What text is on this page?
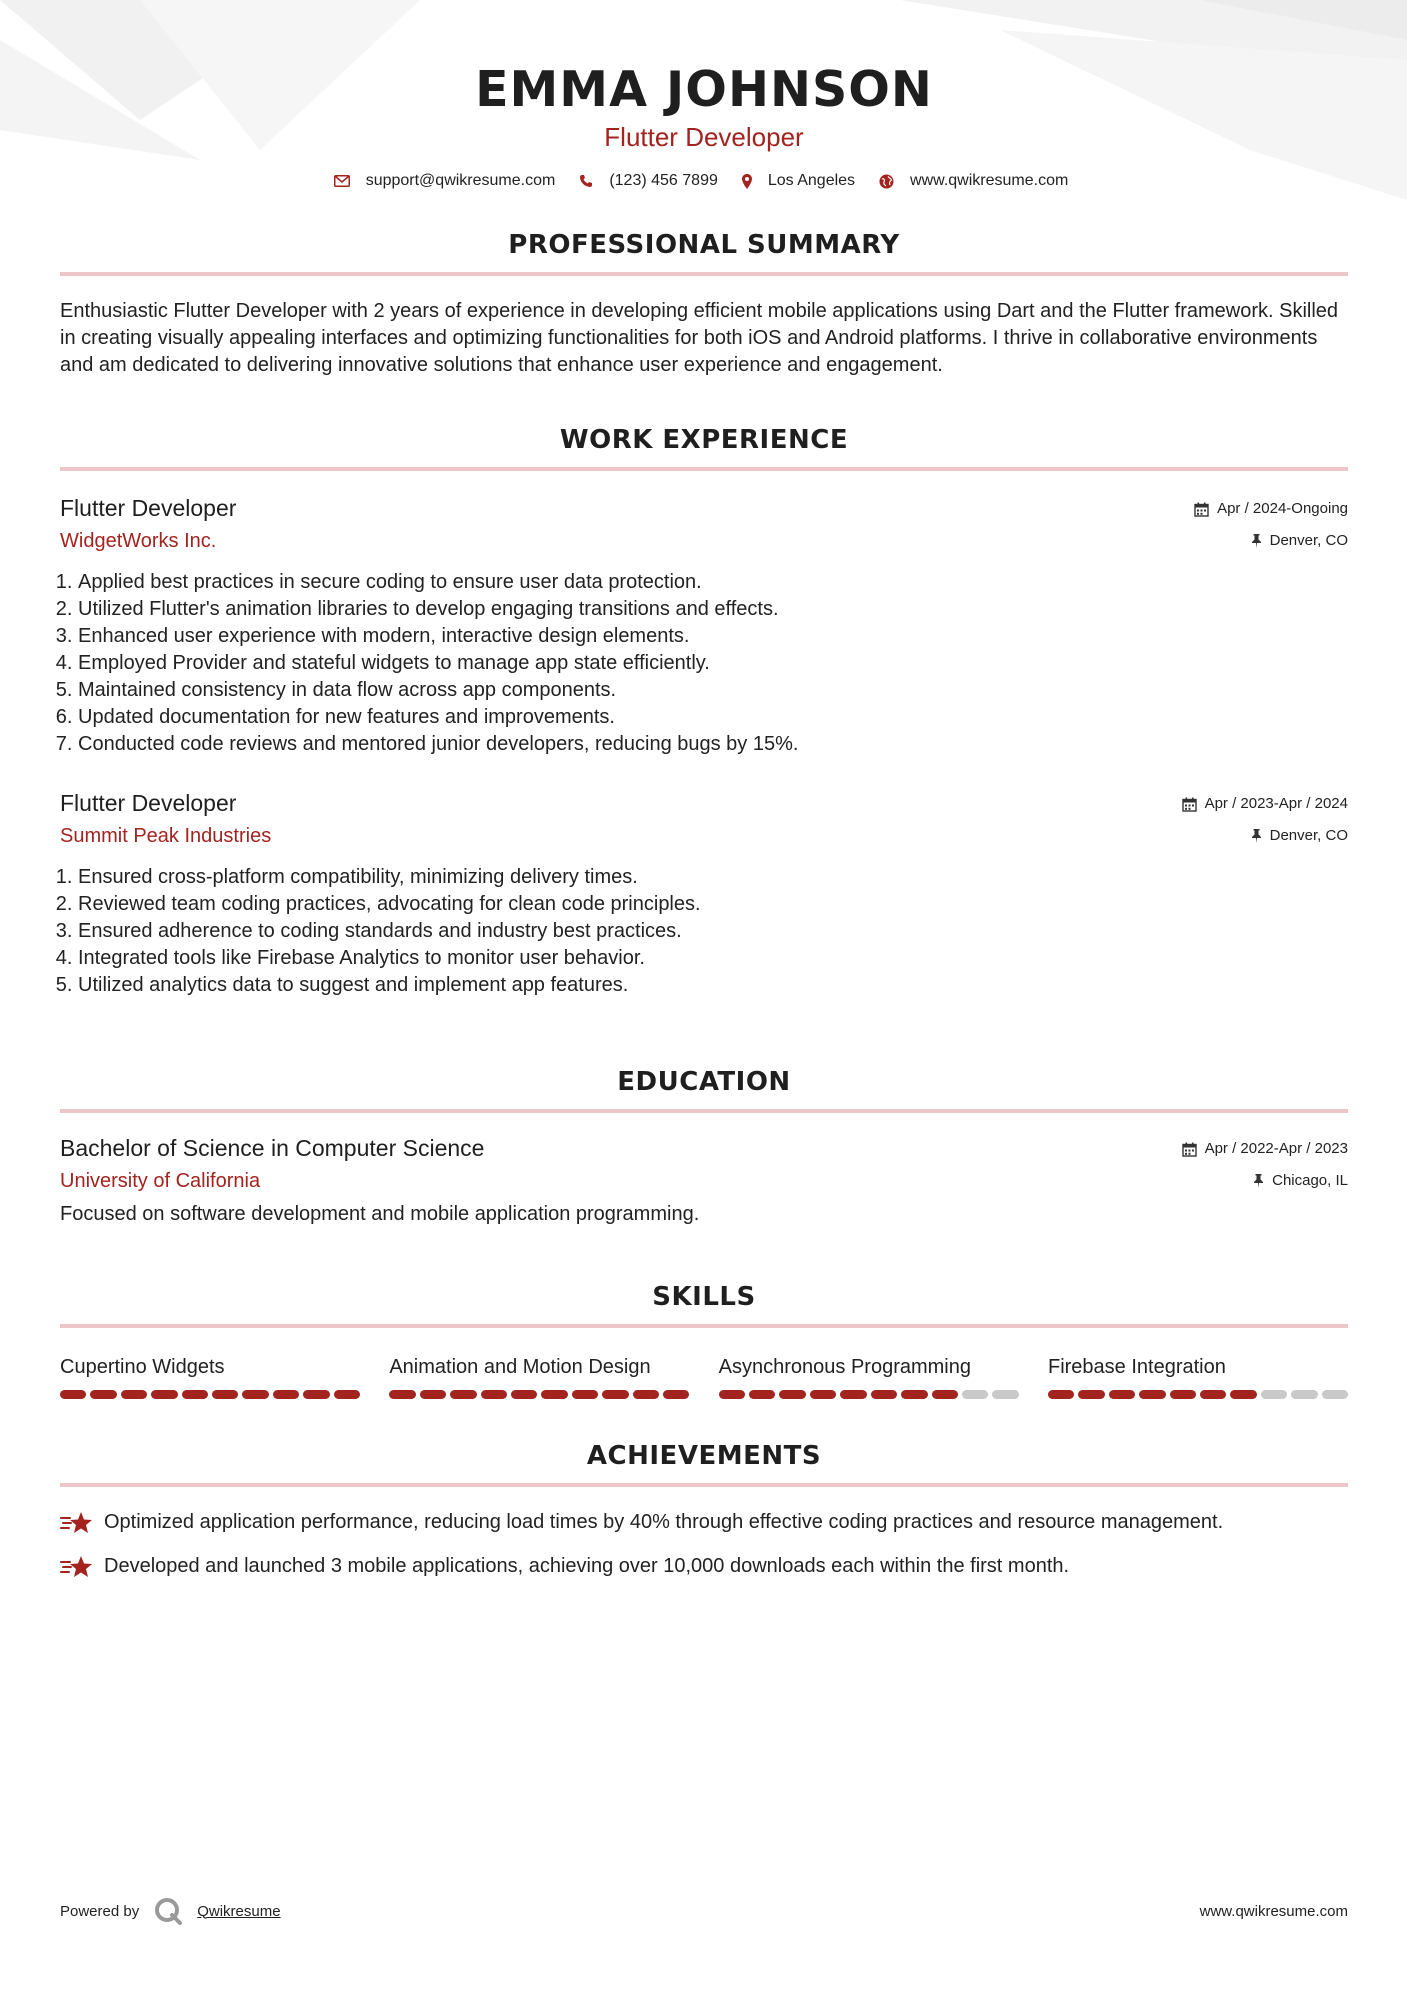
EMMA JOHNSON
Flutter Developer
support@qwikresume.com	(123) 456 7899	Los Angeles	www.qwikresume.com
PROFESSIONAL SUMMARY
Enthusiastic Flutter Developer with 2 years of experience in developing efficient mobile applications using Dart and the Flutter framework. Skilled in creating visually appealing interfaces and optimizing functionalities for both iOS and Android platforms. I thrive in collaborative environments and am dedicated to delivering innovative solutions that enhance user experience and engagement.
WORK EXPERIENCE
Flutter Developer
WidgetWorks Inc.
Apr / 2024-Ongoing
Denver, CO
1. Applied best practices in secure coding to ensure user data protection.
2. Utilized Flutter's animation libraries to develop engaging transitions and effects.
3. Enhanced user experience with modern, interactive design elements.
4. Employed Provider and stateful widgets to manage app state efficiently.
5. Maintained consistency in data flow across app components.
6. Updated documentation for new features and improvements.
7. Conducted code reviews and mentored junior developers, reducing bugs by 15%.
Flutter Developer
Summit Peak Industries
Apr / 2023-Apr / 2024
Denver, CO
1. Ensured cross-platform compatibility, minimizing delivery times.
2. Reviewed team coding practices, advocating for clean code principles.
3. Ensured adherence to coding standards and industry best practices.
4. Integrated tools like Firebase Analytics to monitor user behavior.
5. Utilized analytics data to suggest and implement app features.
EDUCATION
Bachelor of Science in Computer Science
University of California
Apr / 2022-Apr / 2023
Chicago, IL
Focused on software development and mobile application programming.
SKILLS
Cupertino Widgets	Animation and Motion Design	Asynchronous Programming	Firebase Integration
ACHIEVEMENTS
Optimized application performance, reducing load times by 40% through effective coding practices and resource management.
Developed and launched 3 mobile applications, achieving over 10,000 downloads each within the first month.
Powered by	Qwikresume	www.qwikresume.com
